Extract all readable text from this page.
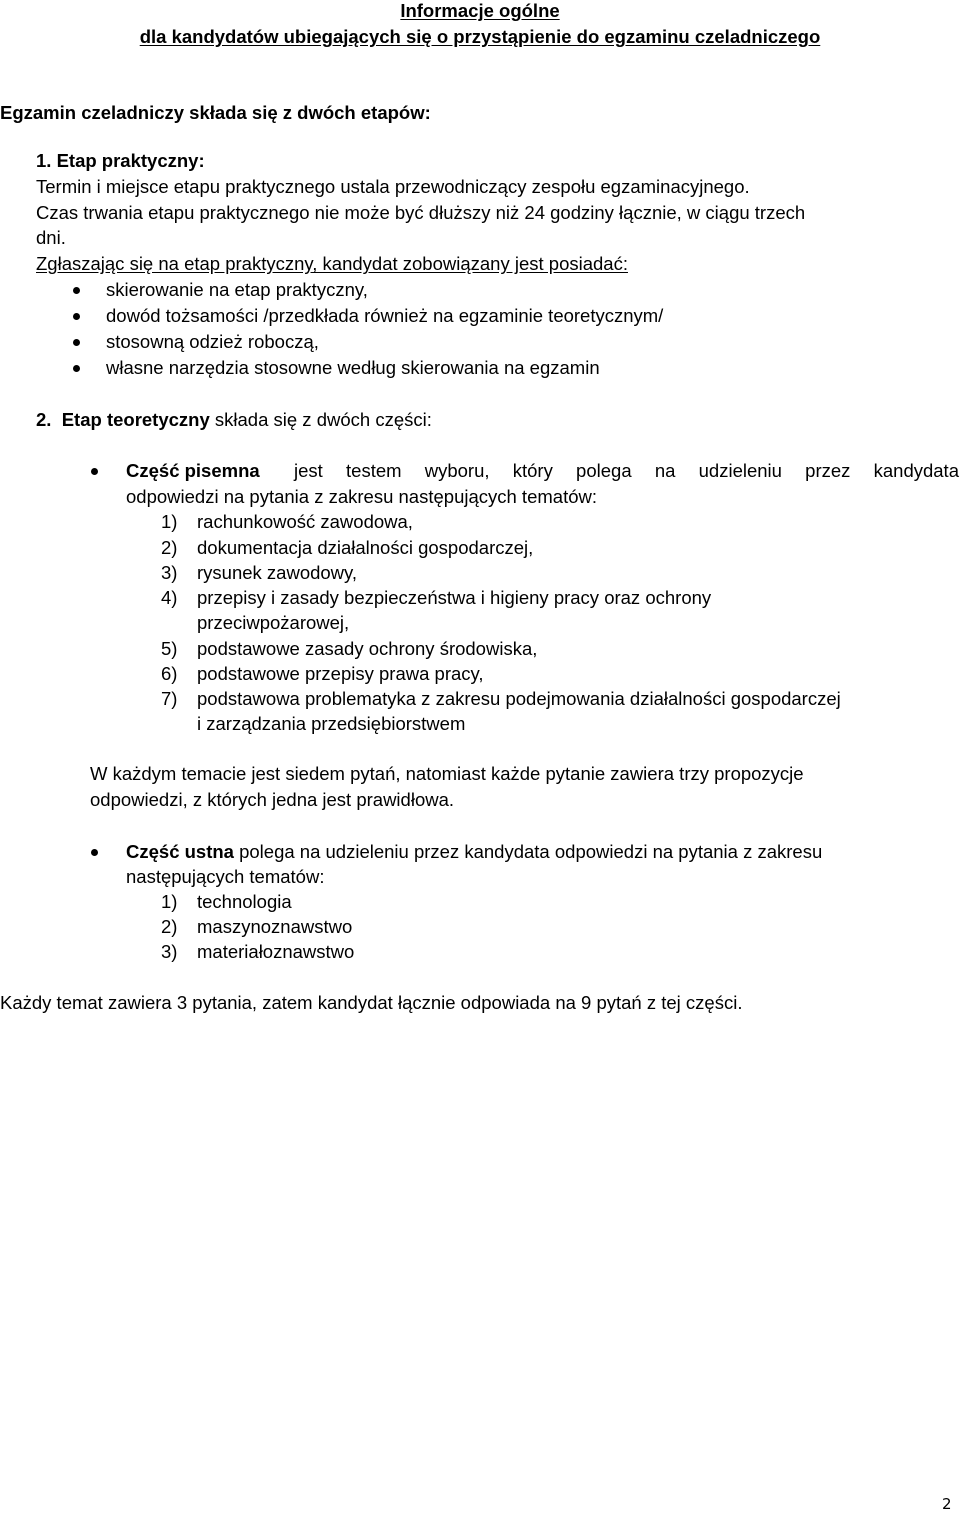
Informacje ogólne
dla kandydatów ubiegających się o przystąpienie do egzaminu czeladniczego
Egzamin czeladniczy składa się z dwóch etapów:
1. Etap praktyczny:
Termin i miejsce etapu praktycznego ustala przewodniczący zespołu egzaminacyjnego.
Czas trwania etapu praktycznego nie może być dłuższy niż 24 godziny łącznie, w ciągu trzech
dni.
Zgłaszając się na etap praktyczny, kandydat zobowiązany jest posiadać:
skierowanie na etap praktyczny,
dowód tożsamości /przedkłada również na egzaminie teoretycznym/
stosowną odzież roboczą,
własne narzędzia stosowne według skierowania na egzamin
2. Etap teoretyczny składa się z dwóch części:
Część pisemna jest testem wyboru, który polega na udzieleniu przez kandydata
odpowiedzi na pytania z zakresu następujących tematów:
1) rachunkowość zawodowa,
2) dokumentacja działalności gospodarczej,
3) rysunek zawodowy,
4) przepisy i zasady bezpieczeństwa i higieny pracy oraz ochrony
przeciwpożarowej,
5) podstawowe zasady ochrony środowiska,
6) podstawowe przepisy prawa pracy,
7) podstawowa problematyka z zakresu podejmowania działalności gospodarczej
i zarządzania przedsiębiorstwem
W każdym temacie jest siedem pytań, natomiast każde pytanie zawiera trzy propozycje
odpowiedzi, z których jedna jest prawidłowa.
Część ustna polega na udzieleniu przez kandydata odpowiedzi na pytania z zakresu
następujących tematów:
1) technologia
2) maszynoznawstwo
3) materiałoznawstwo
Każdy temat zawiera 3 pytania, zatem kandydat łącznie odpowiada na 9 pytań z tej części.
2
